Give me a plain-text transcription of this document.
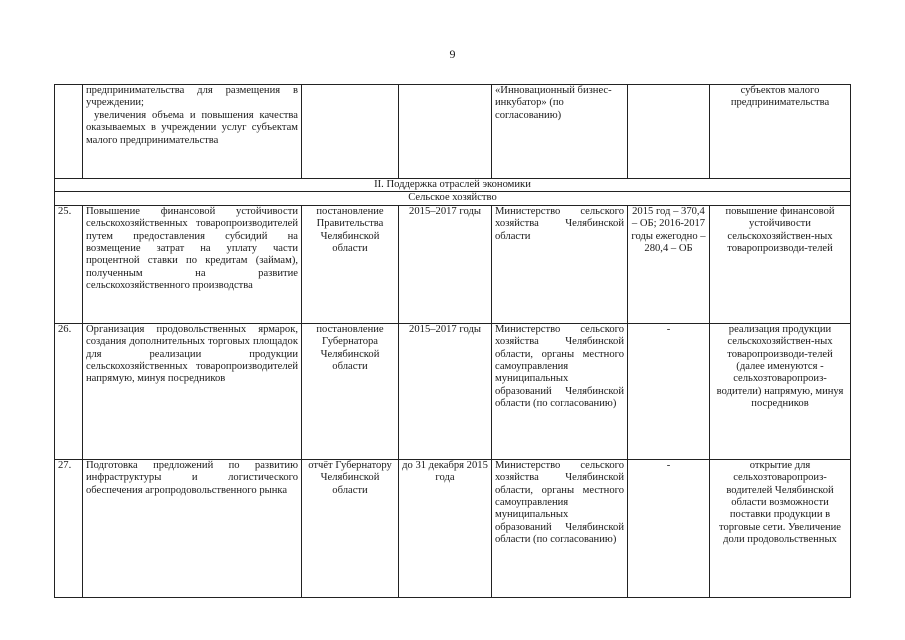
9

	предпринимательства для размещения в учреждении;

увеличения объема и повышения качества оказываемых в учреждении услуг субъектам малого предпринимательства			«Инновационный бизнес-инкубатор» (по согласованию)		субъектов малого предпринимательства
II. Поддержка отраслей экономики						
Сельское хозяйство						
25.	Повышение финансовой устойчивости сельскохозяйственных товаропроизводителей путем предоставления субсидий на возмещение затрат на уплату части процентной ставки по кредитам (займам), полученным на развитие сельскохозяйственного производства	постановление Правительства Челябинской области	2015–2017 годы	Министерство сельского хозяйства Челябинской области	2015 год – 370,4 – ОБ; 2016-2017 годы ежегодно – 280,4 – ОБ	повышение финансовой устойчивости сельскохозяйствен-ных товаропроизводи-телей
26.	Организация продовольственных ярмарок, создания дополнительных торговых площадок для реализации продукции сельскохозяйственных товаропроизводителей напрямую, минуя посредников	постановление Губернатора Челябинской области	2015–2017 годы	Министерство сельского хозяйства Челябинской области, органы местного самоуправления муниципальных образований Челябинской области (по согласованию)	-	реализация продукции сельскохозяйствен-ных товаропроизводи-телей (далее именуются - сельхозтоваропроиз-водители) напрямую, минуя посредников
27.	Подготовка предложений по развитию инфраструктуры и логистического обеспечения агропродовольственного рынка	отчёт Губернатору Челябинской области	до 31 декабря 2015 года	Министерство сельского хозяйства Челябинской области, органы местного самоуправления муниципальных образований Челябинской области (по согласованию)	-	открытие для сельхозтоваропроиз-водителей Челябинской области возможности поставки продукции в торговые сети. Увеличение доли продовольственных
